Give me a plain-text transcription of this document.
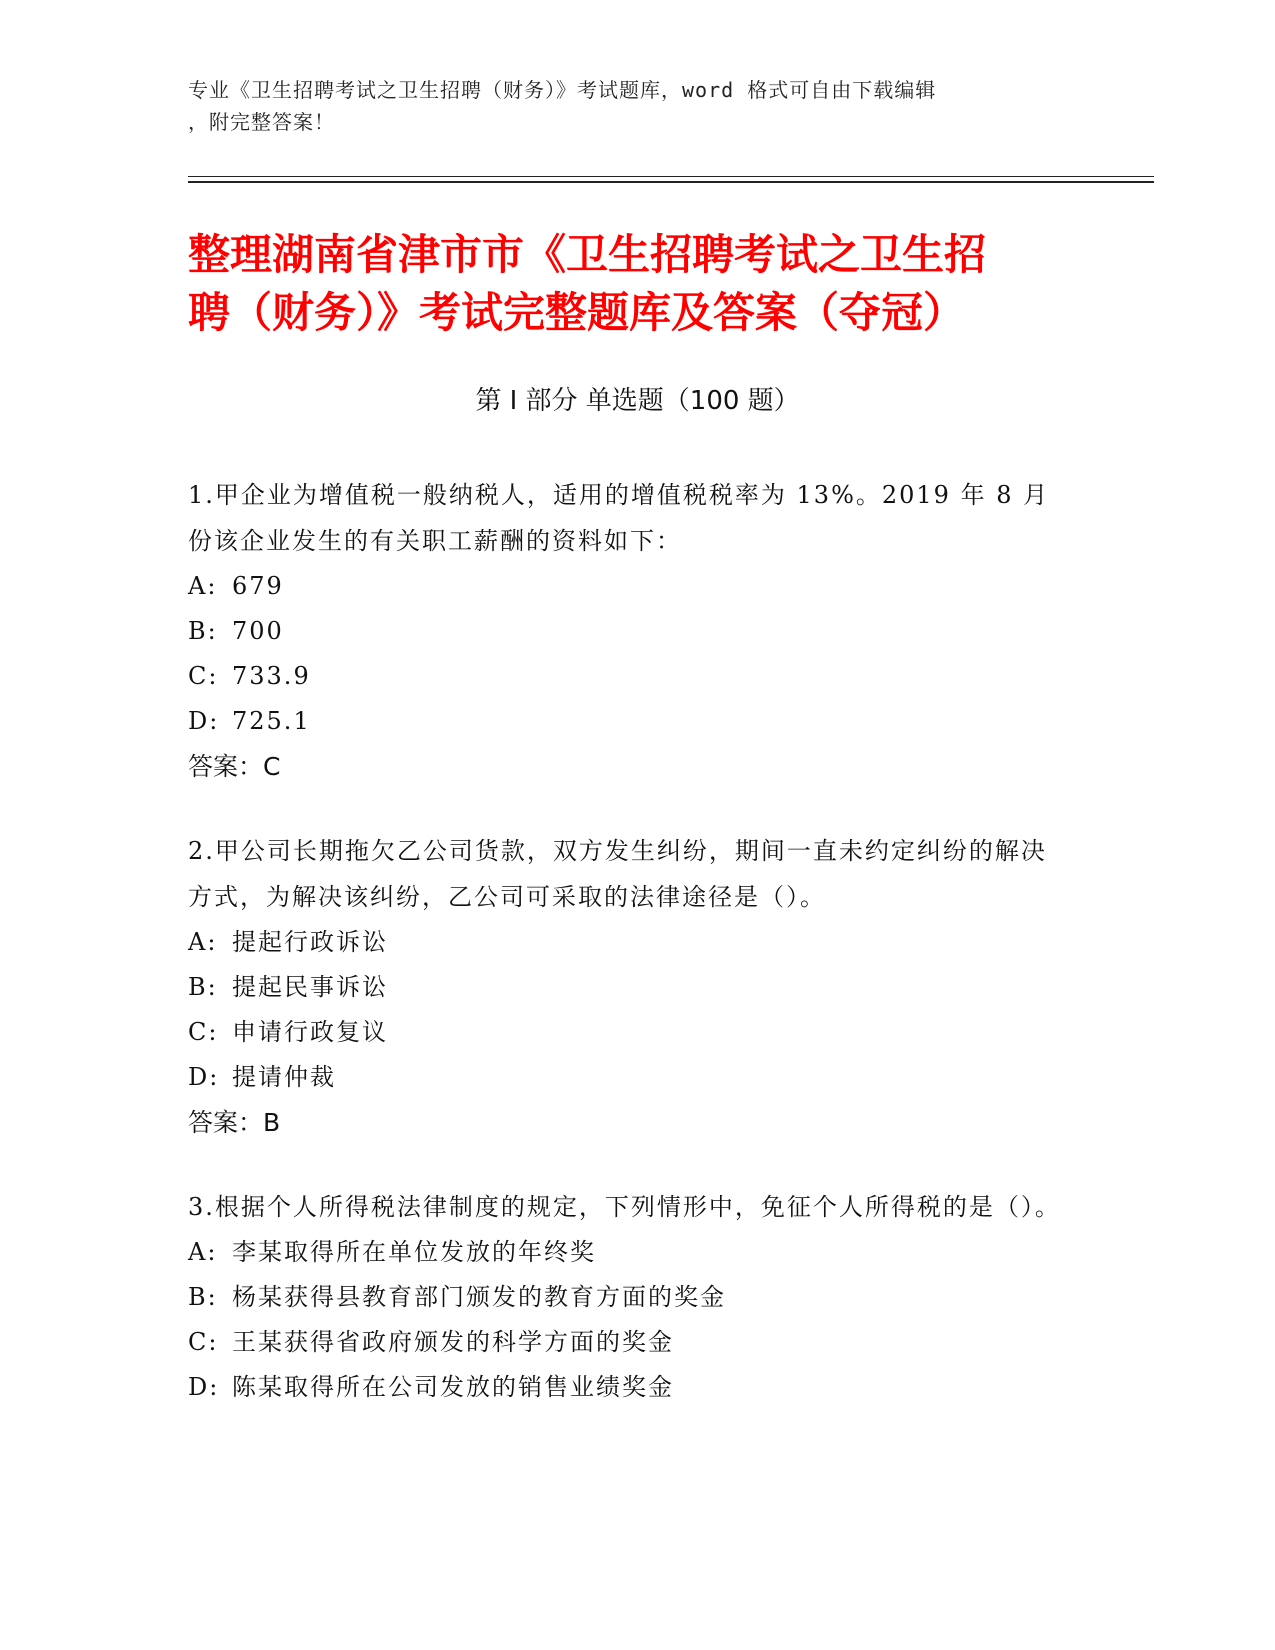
专业《卫生招聘考试之卫生招聘（财务）》考试题库，word 格式可自由下载编辑
，附完整答案！
整理湖南省津市市《卫生招聘考试之卫生招
聘（财务）》考试完整题库及答案（夺冠）
第 I 部分 单选题（100 题）
1.甲企业为增值税一般纳税人，适用的增值税税率为 13%。2019 年 8 月份该企业发生的有关职工薪酬的资料如下：
A: 679
B: 700
C: 733.9
D: 725.1
答案：C
2.甲公司长期拖欠乙公司货款，双方发生纠纷，期间一直未约定纠纷的解决方式，为解决该纠纷，乙公司可采取的法律途径是（）。
A: 提起行政诉讼
B: 提起民事诉讼
C: 申请行政复议
D: 提请仲裁
答案：B
3.根据个人所得税法律制度的规定，下列情形中，免征个人所得税的是（）。
A: 李某取得所在单位发放的年终奖
B: 杨某获得县教育部门颁发的教育方面的奖金
C: 王某获得省政府颁发的科学方面的奖金
D: 陈某取得所在公司发放的销售业绩奖金
